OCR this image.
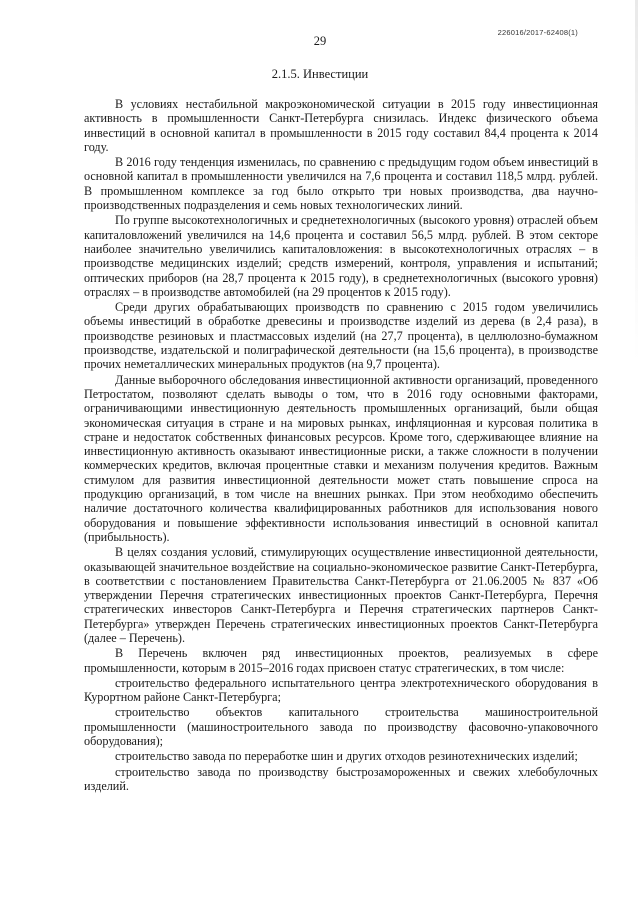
226016/2017-62408(1)
29
2.1.5. Инвестиции

В условиях нестабильной макроэкономической ситуации в 2015 году инвестиционная активность в промышленности Санкт-Петербурга снизилась. Индекс физического объема инвестиций в основной капитал в промышленности в 2015 году составил 84,4 процента к 2014 году.

В 2016 году тенденция изменилась, по сравнению с предыдущим годом объем инвестиций в основной капитал в промышленности увеличился на 7,6 процента и составил 118,5 млрд. рублей. В промышленном комплексе за год было открыто три новых производства, два научно-производственных подразделения и семь новых технологических линий.

По группе высокотехнологичных и среднетехнологичных (высокого уровня) отраслей объем капиталовложений увеличился на 14,6 процента и составил 56,5 млрд. рублей. В этом секторе наиболее значительно увеличились капиталовложения: в высокотехнологичных отраслях – в производстве медицинских изделий; средств измерений, контроля, управления и испытаний; оптических приборов (на 28,7 процента к 2015 году), в среднетехнологичных (высокого уровня) отраслях – в производстве автомобилей (на 29 процентов к 2015 году).

Среди других обрабатывающих производств по сравнению с 2015 годом увеличились объемы инвестиций в обработке древесины и производстве изделий из дерева (в 2,4 раза), в производстве резиновых и пластмассовых изделий (на 27,7 процента), в целлюлозно-бумажном производстве, издательской и полиграфической деятельности (на 15,6 процента), в производстве прочих неметаллических минеральных продуктов (на 9,7 процента).

Данные выборочного обследования инвестиционной активности организаций, проведенного Петростатом, позволяют сделать выводы о том, что в 2016 году основными факторами, ограничивающими инвестиционную деятельность промышленных организаций, были общая экономическая ситуация в стране и на мировых рынках, инфляционная и курсовая политика в стране и недостаток собственных финансовых ресурсов. Кроме того, сдерживающее влияние на инвестиционную активность оказывают инвестиционные риски, а также сложности в получении коммерческих кредитов, включая процентные ставки и механизм получения кредитов. Важным стимулом для развития инвестиционной деятельности может стать повышение спроса на продукцию организаций, в том числе на внешних рынках. При этом необходимо обеспечить наличие достаточного количества квалифицированных работников для использования нового оборудования и повышение эффективности использования инвестиций в основной капитал (прибыльность).

В целях создания условий, стимулирующих осуществление инвестиционной деятельности, оказывающей значительное воздействие на социально-экономическое развитие Санкт-Петербурга, в соответствии с постановлением Правительства Санкт-Петербурга от 21.06.2005 № 837 «Об утверждении Перечня стратегических инвестиционных проектов Санкт-Петербурга, Перечня стратегических инвесторов Санкт-Петербурга и Перечня стратегических партнеров Санкт-Петербурга» утвержден Перечень стратегических инвестиционных проектов Санкт-Петербурга (далее – Перечень).

В Перечень включен ряд инвестиционных проектов, реализуемых в сфере промышленности, которым в 2015–2016 годах присвоен статус стратегических, в том числе:

строительство федерального испытательного центра электротехнического оборудования в Курортном районе Санкт-Петербурга;

строительство объектов капитального строительства машиностроительной промышленности (машиностроительного завода по производству фасовочно-упаковочного оборудования);

строительство завода по переработке шин и других отходов резинотехнических изделий;

строительство завода по производству быстрозамороженных и свежих хлебобулочных изделий.
